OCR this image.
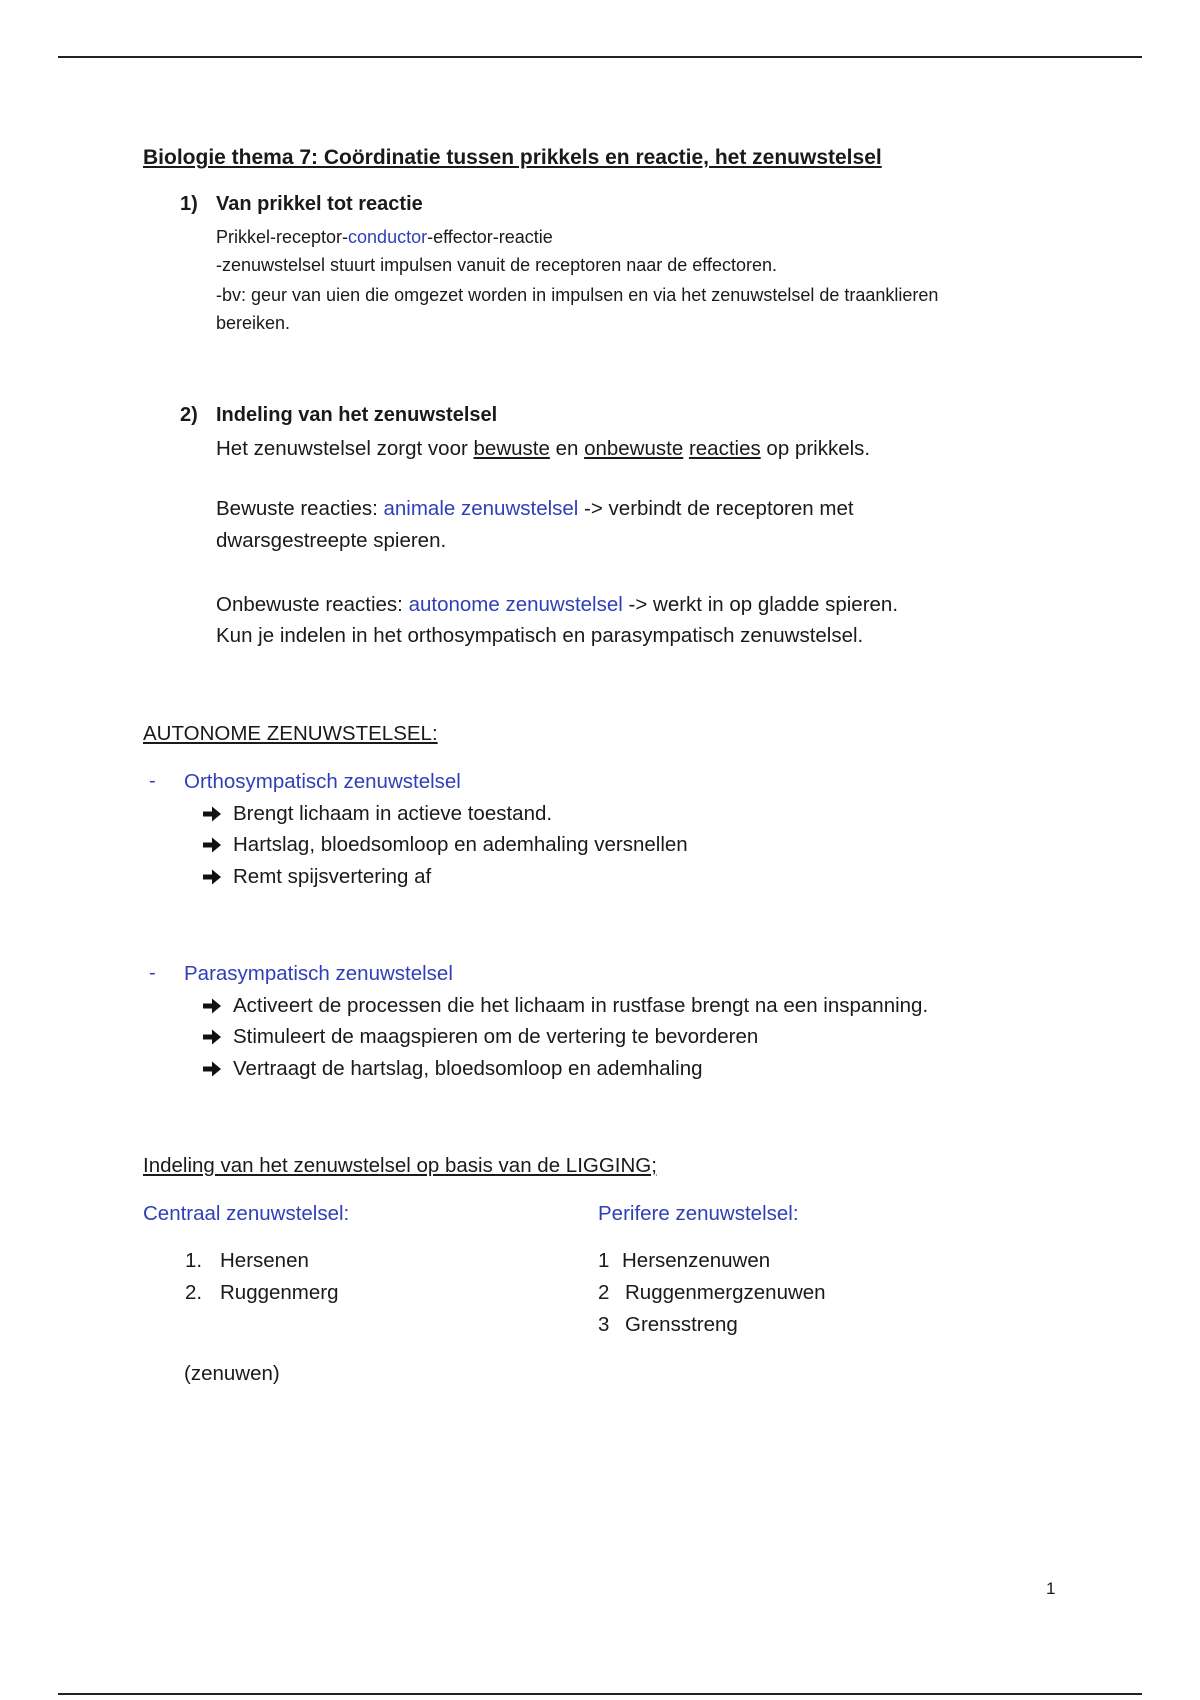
Biologie thema 7: Coördinatie tussen prikkels en reactie, het zenuwstelsel
1) Van prikkel tot reactie
Prikkel-receptor-conductor-effector-reactie
-zenuwstelsel stuurt impulsen vanuit de receptoren naar de effectoren.
-bv: geur van uien die omgezet worden in impulsen en via het zenuwstelsel de traanklieren
bereiken.
2) Indeling van het zenuwstelsel
Het zenuwstelsel zorgt voor bewuste en onbewuste reacties op prikkels.
Bewuste reacties: animale zenuwstelsel -> verbindt de receptoren met
dwarsgestreepte spieren.
Onbewuste reacties: autonome zenuwstelsel -> werkt in op gladde spieren.
Kun je indelen in het orthosympatisch en parasympatisch zenuwstelsel.
AUTONOME ZENUWSTELSEL:
- Orthosympatisch zenuwstelsel
Brengt lichaam in actieve toestand.
Hartslag, bloedsomloop en ademhaling versnellen
Remt spijsvertering af
- Parasympatisch zenuwstelsel
Activeert de processen die het lichaam in rustfase brengt na een inspanning.
Stimuleert de maagspieren om de vertering te bevorderen
Vertraagt de hartslag, bloedsomloop en ademhaling
Indeling van het zenuwstelsel op basis van de LIGGING;
Centraal zenuwstelsel:	Perifere zenuwstelsel:
1. Hersenen
2. Ruggenmerg
1 Hersenzenuwen
2 Ruggenmergzenuwen
3 Grensstreng
(zenuwen)
1
